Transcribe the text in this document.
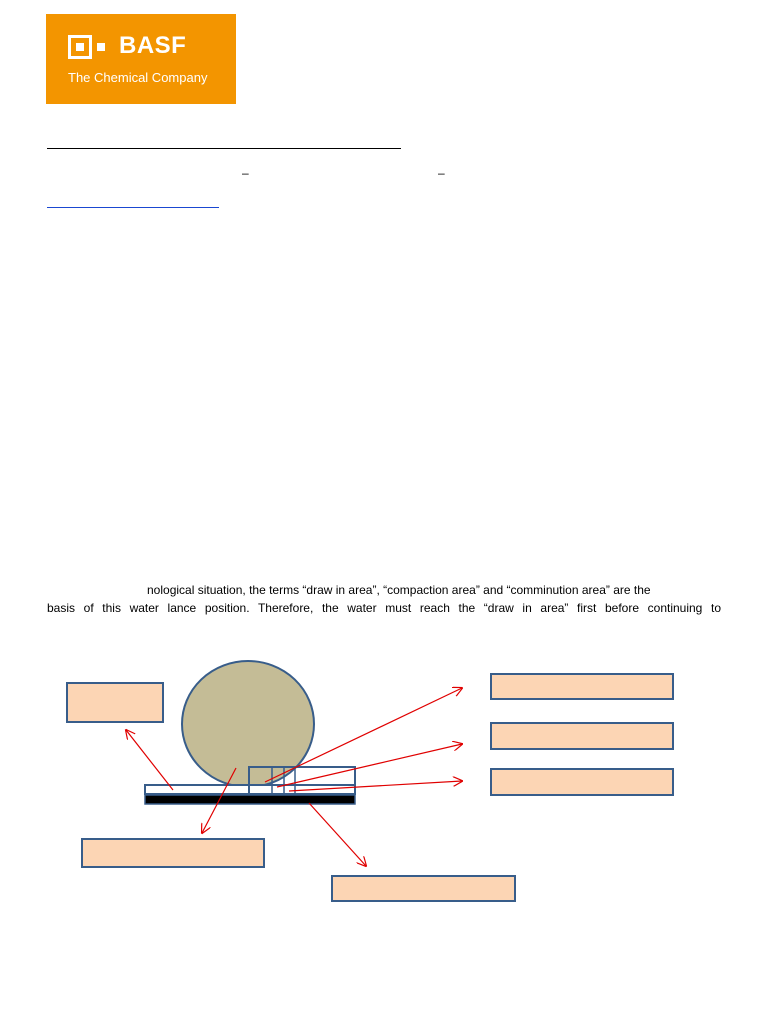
BASF
The Chemical Company
–	–

nological situation, the terms “draw in area”, “compaction area” and “comminution area” are the

basis of this water lance position. Therefore, the water must reach the “draw in area” first before continuing to
